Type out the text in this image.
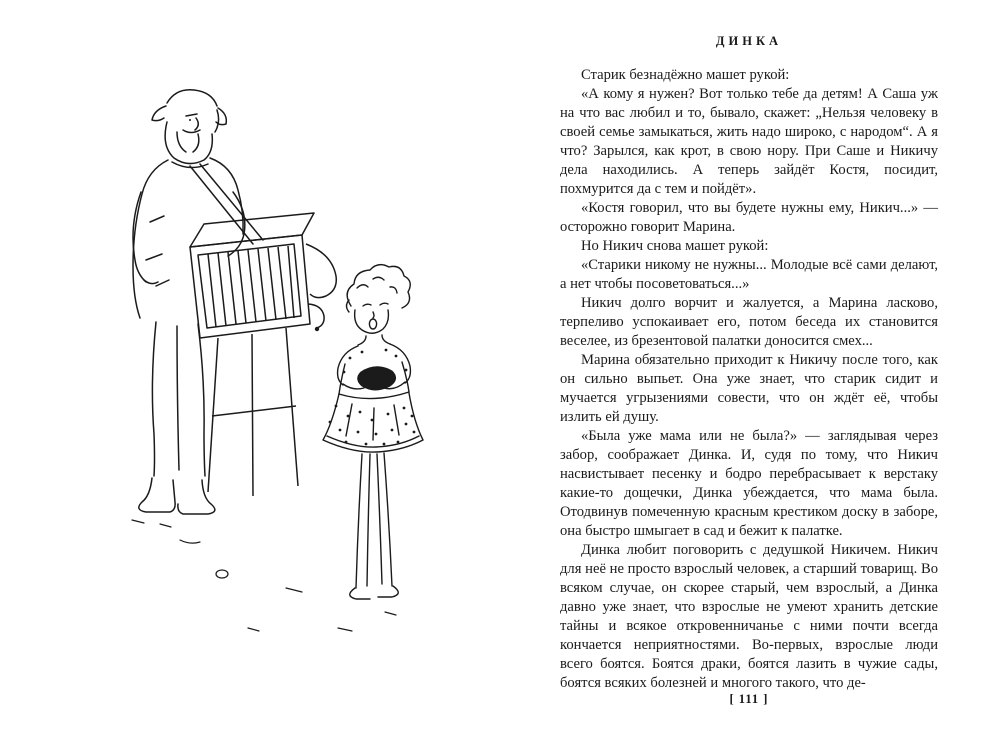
ДИНКА

Старик безнадёжно машет рукой:

«А кому я нужен? Вот только тебе да детям! А Саша уж на что вас любил и то, бывало, скажет: „Нельзя человеку в своей семье замыкаться, жить надо широко, с народом“. А я что? Зарылся, как крот, в свою нору. При Саше и Никичу дела находились. А теперь зайдёт Костя, посидит, похмурится да с тем и пойдёт».

«Костя говорил, что вы будете нужны ему, Никич...» — осторожно говорит Марина.

Но Никич снова машет рукой:

«Старики никому не нужны... Молодые всё сами делают, а нет чтобы посоветоваться...»

Никич долго ворчит и жалуется, а Марина ласково, терпеливо успокаивает его, потом беседа их становится веселее, из брезентовой палатки доносится смех...

Марина обязательно приходит к Никичу после того, как он сильно выпьет. Она уже знает, что старик сидит и мучается угрызениями совести, что он ждёт её, чтобы излить ей душу.

«Была уже мама или не была?» — заглядывая через забор, соображает Динка. И, судя по тому, что Никич насвистывает песенку и бодро перебрасывает к верстаку какие-то дощечки, Динка убеждается, что мама была. Отодвинув помеченную красным крестиком доску в заборе, она быстро шмыгает в сад и бежит к палатке.

Динка любит поговорить с дедушкой Никичем. Никич для неё не просто взрослый человек, а старший товарищ. Во всяком случае, он скорее старый, чем взрослый, а Динка давно уже знает, что взрослые не умеют хранить детские тайны и всякое откровенничанье с ними почти всегда кончается неприятностями. Во-первых, взрослые люди всего боятся. Боятся драки, боятся лазить в чужие сады, боятся всяких болезней и многого такого, что де-

[ 111 ]
